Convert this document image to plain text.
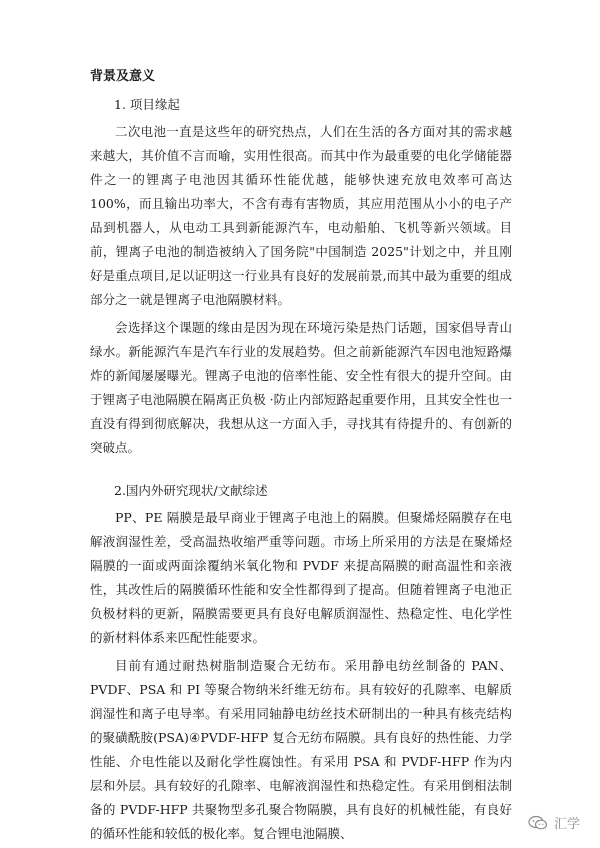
背景及意义
1. 项目缘起

二次电池一直是这些年的研究热点，人们在生活的各方面对其的需求越来越大，其价值不言而喻，实用性很高。而其中作为最重要的电化学储能器件之一的锂离子电池因其循环性能优越，能够快速充放电效率可高达 100%，而且输出功率大，不含有毒有害物质，其应用范围从小小的电子产品到机器人，从电动工具到新能源汽车，电动船舶、飞机等新兴领域。目前，锂离子电池的制造被纳入了国务院"中国制造 2025"计划之中，并且刚好是重点项目,足以证明这一行业具有良好的发展前景,而其中最为重要的组成部分之一就是锂离子电池隔膜材料。

会选择这个课题的缘由是因为现在环境污染是热门话题，国家倡导青山绿水。新能源汽车是汽车行业的发展趋势。但之前新能源汽车因电池短路爆炸的新闻屡屡曝光。锂离子电池的倍率性能、安全性有很大的提升空间。由于锂离子电池隔膜在隔离正负极 ·防止内部短路起重要作用，且其安全性也一直没有得到彻底解决，我想从这一方面入手，寻找其有待提升的、有创新的突破点。

2.国内外研究现状/文献综述

PP、PE 隔膜是最早商业于锂离子电池上的隔膜。但聚烯烃隔膜存在电解液润湿性差，受高温热收缩严重等问题。市场上所采用的方法是在聚烯烃隔膜的一面或两面涂覆纳米氧化物和 PVDF 来提高隔膜的耐高温性和亲液性，其改性后的隔膜循环性能和安全性都得到了提高。但随着锂离子电池正负极材料的更新，隔膜需要更具有良好电解质润湿性、热稳定性、电化学性的新材料体系来匹配性能要求。

目前有通过耐热树脂制造聚合无纺布。采用静电纺丝制备的 PAN、PVDF、PSA 和 PI 等聚合物纳米纤维无纺布。具有较好的孔隙率、电解质润湿性和离子电导率。有采用同轴静电纺丝技术研制出的一种具有核壳结构的聚磺酰胺(PSA)④PVDF-HFP 复合无纺布隔膜。具有良好的热性能、力学性能、介电性能以及耐化学性腐蚀性。有采用 PSA 和 PVDF-HFP 作为内层和外层。具有较好的孔隙率、电解液润湿性和热稳定性。有采用倒相法制备的 PVDF-HFP 共聚物型多孔聚合物隔膜，具有良好的机械性能，有良好的循环性能和较低的极化率。复合锂电池隔膜、

汇学
